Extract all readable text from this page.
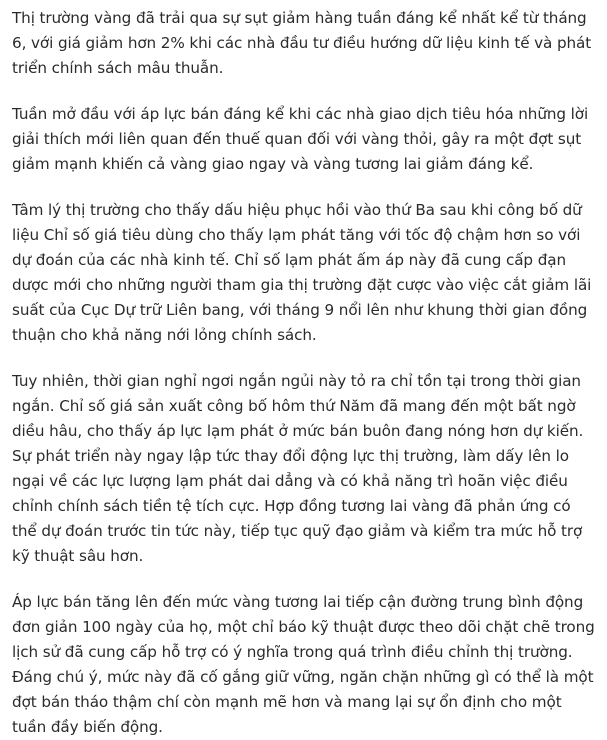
Thị trường vàng đã trải qua sự sụt giảm hàng tuần đáng kể nhất kể từ tháng 6, với giá giảm hơn 2% khi các nhà đầu tư điều hướng dữ liệu kinh tế và phát triển chính sách mâu thuẫn.

Tuần mở đầu với áp lực bán đáng kể khi các nhà giao dịch tiêu hóa những lời giải thích mới liên quan đến thuế quan đối với vàng thỏi, gây ra một đợt sụt giảm mạnh khiến cả vàng giao ngay và vàng tương lai giảm đáng kể.

Tâm lý thị trường cho thấy dấu hiệu phục hồi vào thứ Ba sau khi công bố dữ liệu Chỉ số giá tiêu dùng cho thấy lạm phát tăng với tốc độ chậm hơn so với dự đoán của các nhà kinh tế. Chỉ số lạm phát ấm áp này đã cung cấp đạn dược mới cho những người tham gia thị trường đặt cược vào việc cắt giảm lãi suất của Cục Dự trữ Liên bang, với tháng 9 nổi lên như khung thời gian đồng thuận cho khả năng nới lỏng chính sách.

Tuy nhiên, thời gian nghỉ ngơi ngắn ngủi này tỏ ra chỉ tồn tại trong thời gian ngắn. Chỉ số giá sản xuất công bố hôm thứ Năm đã mang đến một bất ngờ diều hâu, cho thấy áp lực lạm phát ở mức bán buôn đang nóng hơn dự kiến. Sự phát triển này ngay lập tức thay đổi động lực thị trường, làm dấy lên lo ngại về các lực lượng lạm phát dai dẳng và có khả năng trì hoãn việc điều chỉnh chính sách tiền tệ tích cực. Hợp đồng tương lai vàng đã phản ứng có thể dự đoán trước tin tức này, tiếp tục quỹ đạo giảm và kiểm tra mức hỗ trợ kỹ thuật sâu hơn.

Áp lực bán tăng lên đến mức vàng tương lai tiếp cận đường trung bình động đơn giản 100 ngày của họ, một chỉ báo kỹ thuật được theo dõi chặt chẽ trong lịch sử đã cung cấp hỗ trợ có ý nghĩa trong quá trình điều chỉnh thị trường. Đáng chú ý, mức này đã cố gắng giữ vững, ngăn chặn những gì có thể là một đợt bán tháo thậm chí còn mạnh mẽ hơn và mang lại sự ổn định cho một tuần đầy biến động.
